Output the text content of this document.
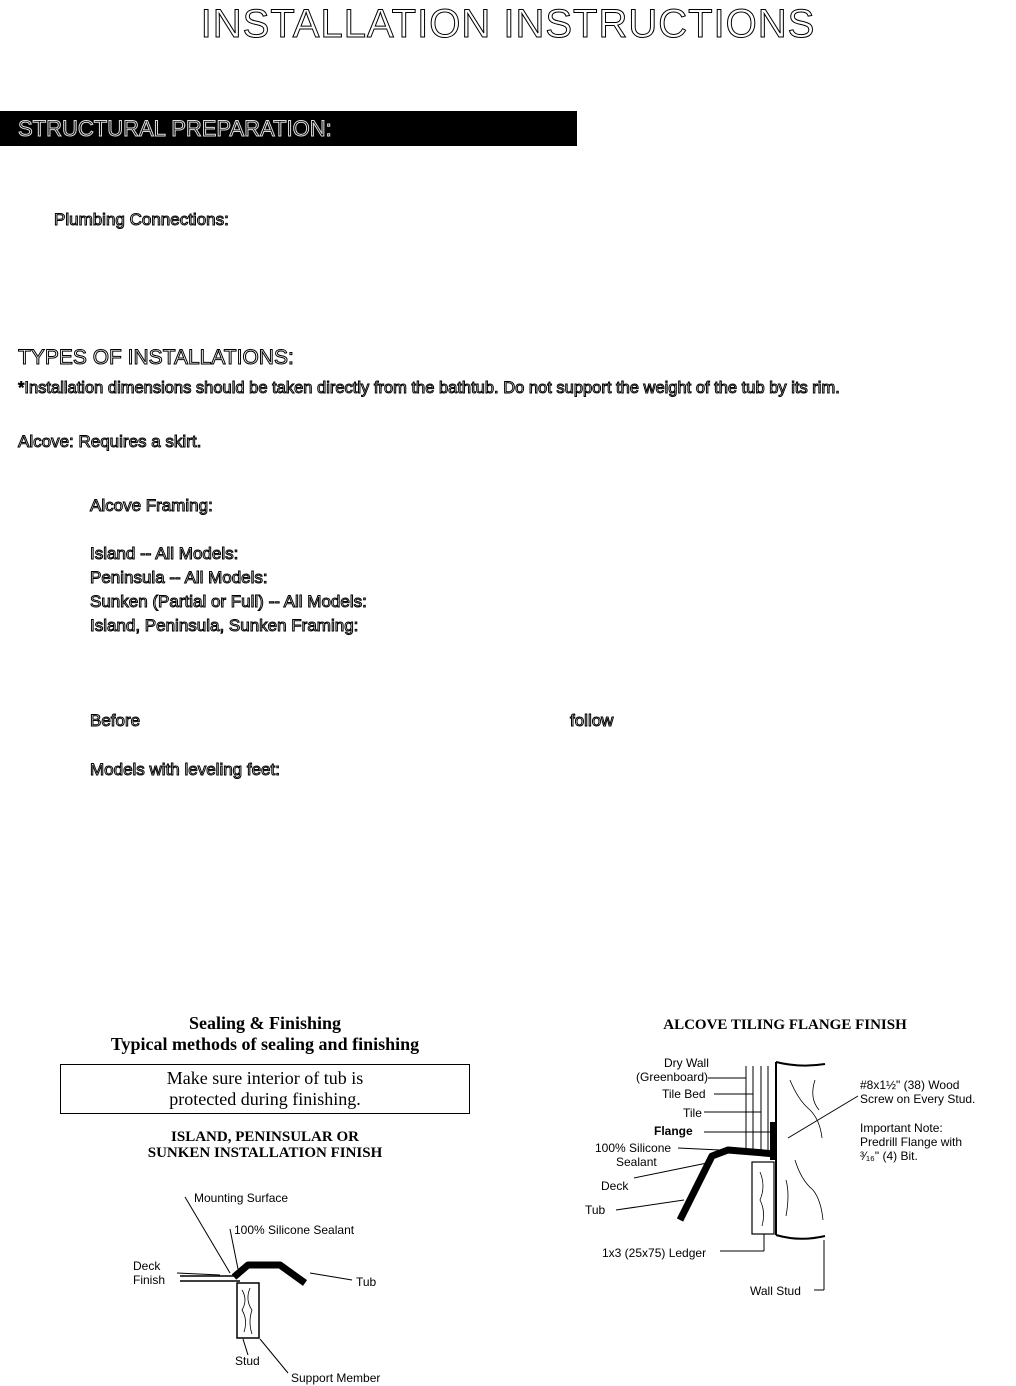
INSTALLATION INSTRUCTIONS
STRUCTURAL PREPARATION:
Plumbing Connections:
TYPES OF INSTALLATIONS:
*Installation dimensions should be taken directly from the bathtub. Do not support the weight of the tub by its rim.
Alcove: Requires a skirt.
Alcove Framing:
Island -- All Models:
Peninsula -- All Models:
Sunken (Partial or Full) -- All Models:
Island, Peninsula, Sunken Framing:
Before	follow
Models with leveling feet:
Sealing & Finishing
Typical methods of sealing and finishing
Make sure interior of tub is
protected during finishing.
ISLAND, PENINSULAR OR
SUNKEN INSTALLATION FINISH
Mounting Surface
100% Silicone Sealant
Deck
Finish	Tub
Stud
Support Member
ALCOVE TILING FLANGE FINISH
Dry Wall
(Greenboard)
Tile Bed
Tile
Flange
100% Silicone
Sealant
Deck
Tub
1x3 (25x75) Ledger
Wall Stud
#8x1½" (38) Wood
Screw on Every Stud.
Important Note:
Predrill Flange with
³⁄₁₆" (4) Bit.
